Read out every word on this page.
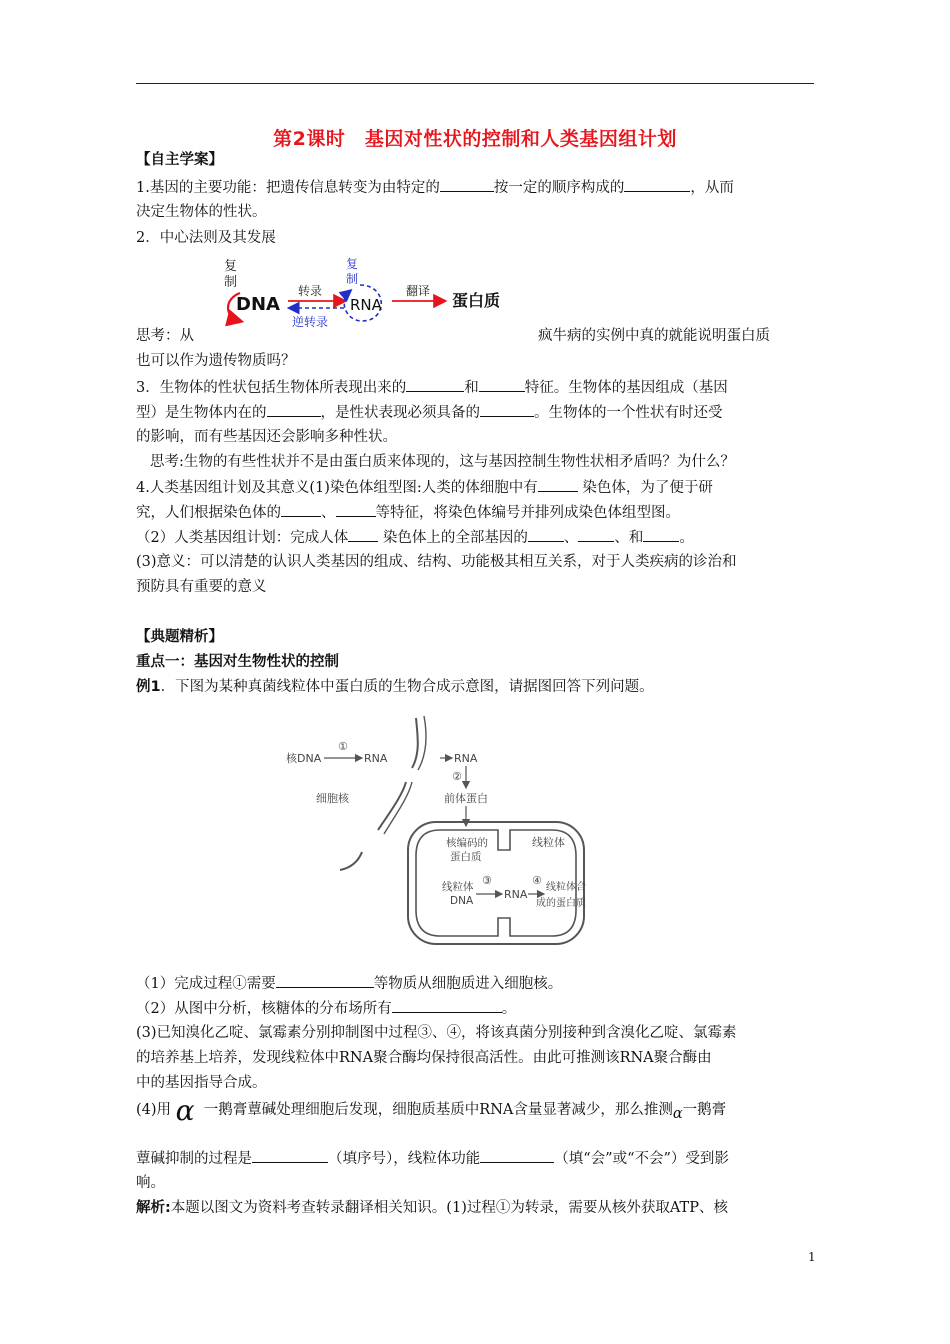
第2课时　基因对性状的控制和人类基因组计划
【自主学案】
1.基因的主要功能：把遗传信息转变为由特定的	按一定的顺序构成的	，从而
决定生物体的性状。
2．中心法则及其发展
复
制
DNA
转录
逆转录
复
制
RNA
翻译 蛋白质
思考：从	疯牛病的实例中真的就能说明蛋白质
也可以作为遗传物质吗？
3．生物体的性状包括生物体所表现出来的	和	特征。生物体的基因组成（基因
型）是生物体内在的	，是性状表现必须具备的	。生物体的一个性状有时还受
的影响，而有些基因还会影响多种性状。
思考:生物的有些性状并不是由蛋白质来体现的，这与基因控制生物性状相矛盾吗？为什么？
4.人类基因组计划及其意义(1)染色体组型图:人类的体细胞中有	染色体，为了便于研
究，人们根据染色体的	、	等特征，将染色体编号并排列成染色体组型图。
（2）人类基因组计划：完成人体 染色体上的全部基因的 、 、和 。
(3)意义：可以清楚的认识人类基因的组成、结构、功能极其相互关系，对于人类疾病的诊治和
预防具有重要的意义
【典题精析】
重点一：基因对生物性状的控制
例1．下图为某种真菌线粒体中蛋白质的生物合成示意图，请据图回答下列问题。
核DNA
①
RNA	RNA
②
前体蛋白
细胞核
核编码的
蛋白质
线粒体
线粒体
DNA
③
RNA
④
线粒体合
成的蛋白质
（1）完成过程①需要	等物质从细胞质进入细胞核。
（2）从图中分析，核糖体的分布场所有	。
(3)已知溴化乙啶、氯霉素分别抑制图中过程③、④，将该真菌分别接种到含溴化乙啶、氯霉素
的培养基上培养，发现线粒体中RNA聚合酶均保持很高活性。由此可推测该RNA聚合酶由
中的基因指导合成。
(4)用 α 一鹅膏蕈碱处理细胞后发现，细胞质基质中RNA含量显著减少，那么推测α一鹅膏
蕈碱抑制的过程是	（填序号），线粒体功能	（填“会”或“不会”）受到影
响。
解析:本题以图文为资料考查转录翻译相关知识。(1)过程①为转录，需要从核外获取ATP、核
1
